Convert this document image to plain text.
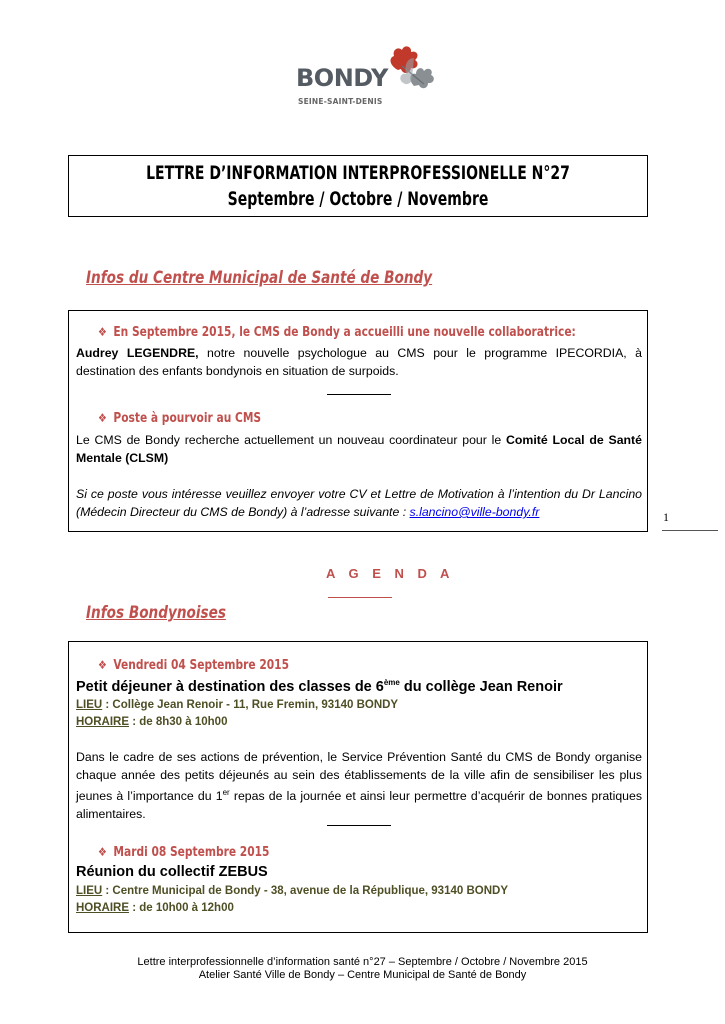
BONDY
SEINE-SAINT-DENIS
LETTRE D’INFORMATION INTERPROFESSIONELLE N°27
Septembre / Octobre / Novembre
Infos du Centre Municipal de Santé de Bondy
❖ En Septembre 2015, le CMS de Bondy a accueilli une nouvelle collaboratrice:
Audrey LEGENDRE, notre nouvelle psychologue au CMS pour le programme IPECORDIA, à destination des enfants bondynois en situation de surpoids.
❖ Poste à pourvoir au CMS
Le CMS de Bondy recherche actuellement un nouveau coordinateur pour le Comité Local de Santé Mentale (CLSM)
Si ce poste vous intéresse veuillez envoyer votre CV et Lettre de Motivation à l’intention du Dr Lancino (Médecin Directeur du CMS de Bondy) à l’adresse suivante : s.lancino@ville-bondy.fr	1
A G E N D A
Infos Bondynoises
❖ Vendredi 04 Septembre 2015
Petit déjeuner à destination des classes de 6ème du collège Jean Renoir
LIEU : Collège Jean Renoir - 11, Rue Fremin, 93140 BONDY
HORAIRE : de 8h30 à 10h00
Dans le cadre de ses actions de prévention, le Service Prévention Santé du CMS de Bondy organise chaque année des petits déjeunés au sein des établissements de la ville afin de sensibiliser les plus jeunes à l’importance du 1er repas de la journée et ainsi leur permettre d’acquérir de bonnes pratiques alimentaires.
❖ Mardi 08 Septembre 2015
Réunion du collectif ZEBUS
LIEU : Centre Municipal de Bondy - 38, avenue de la République, 93140 BONDY
HORAIRE : de 10h00 à 12h00
Lettre interprofessionnelle d’information santé n°27 – Septembre / Octobre / Novembre 2015
Atelier Santé Ville de Bondy – Centre Municipal de Santé de Bondy
